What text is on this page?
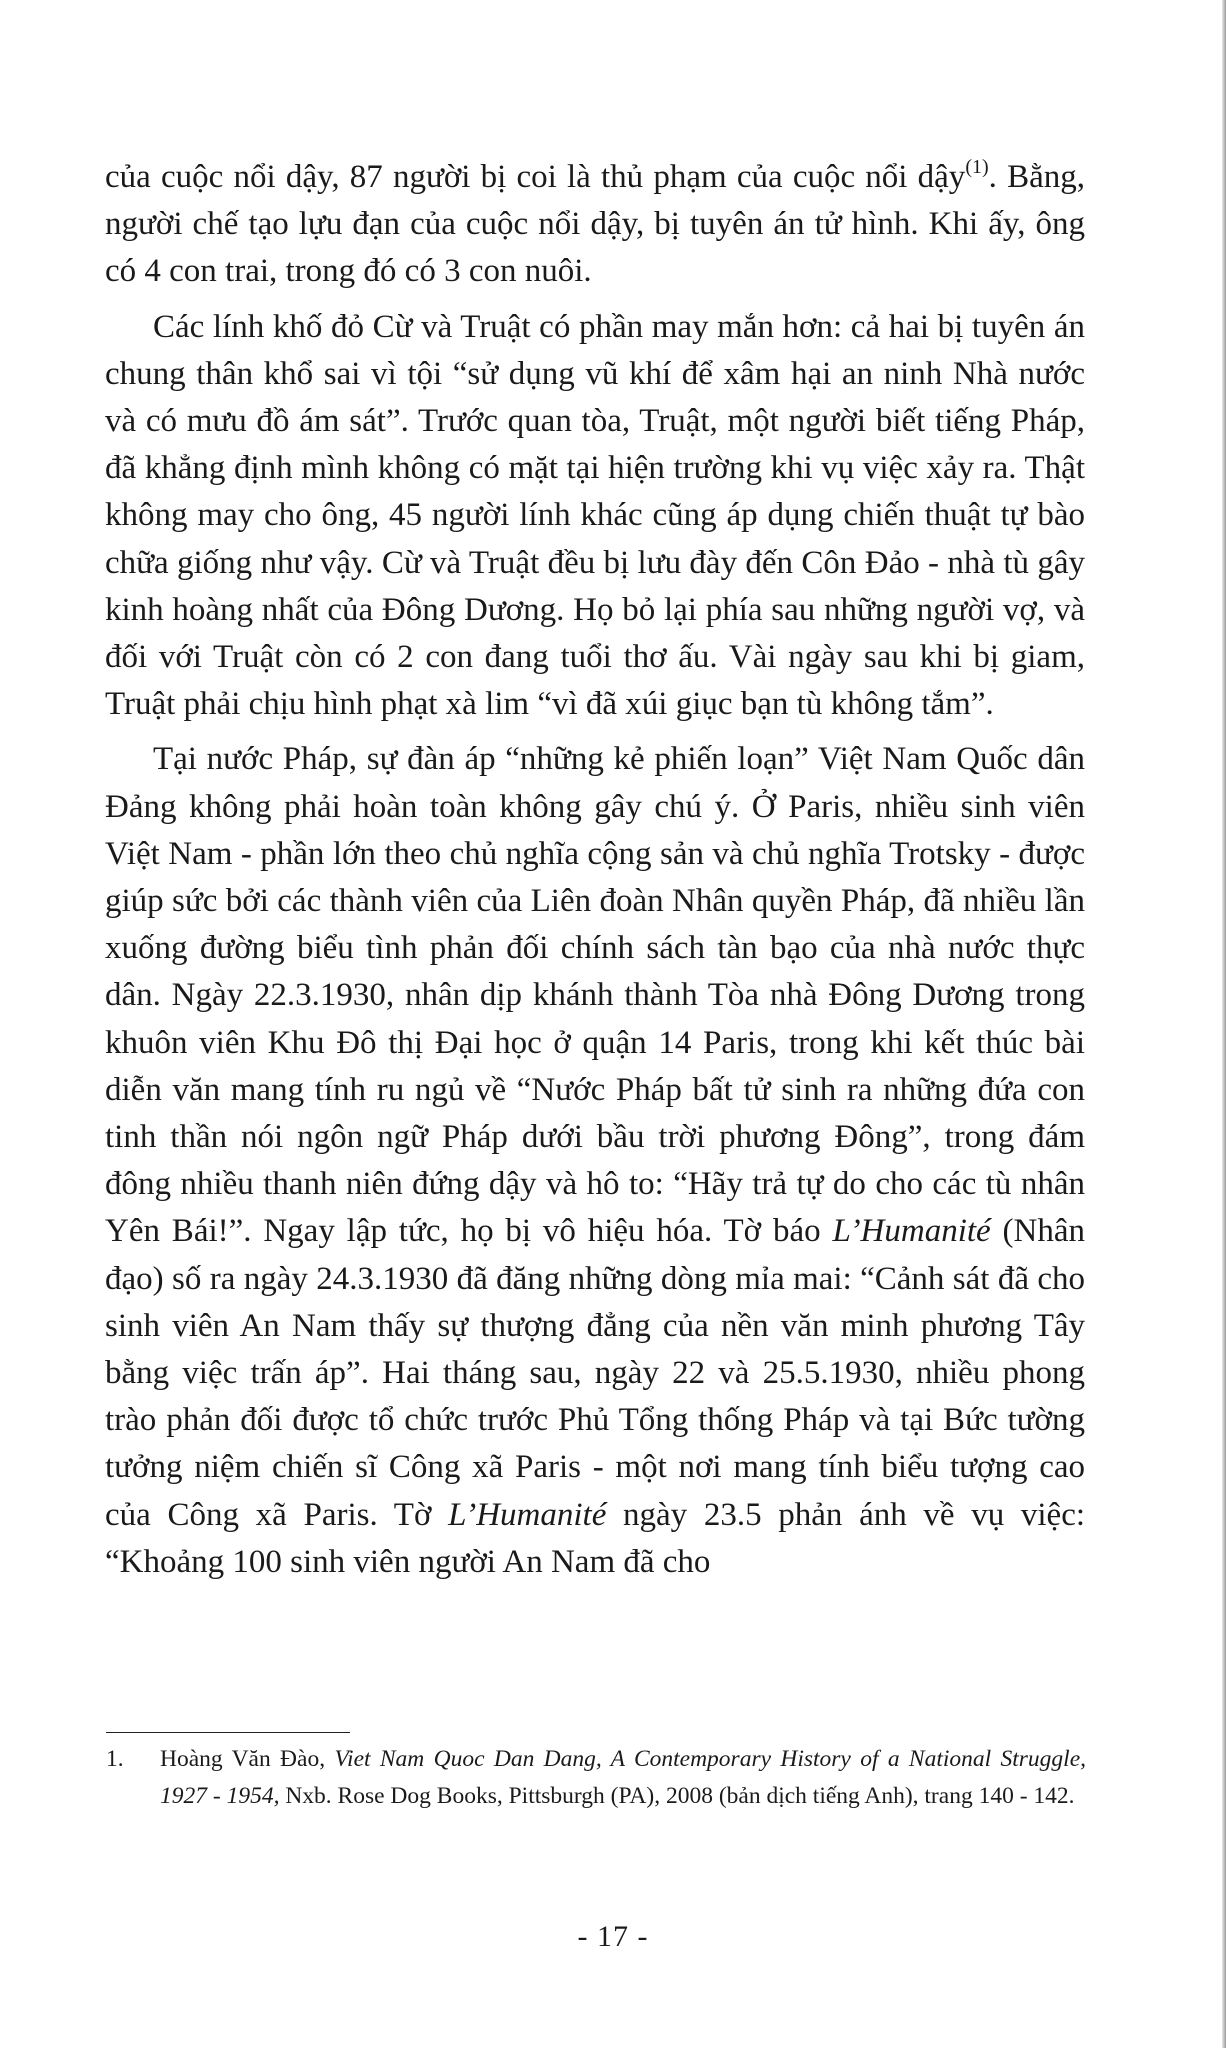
của cuộc nổi dậy, 87 người bị coi là thủ phạm của cuộc nổi dậy$^{(1)}$. Bằng, người chế tạo lựu đạn của cuộc nổi dậy, bị tuyên án tử hình. Khi ấy, ông có 4 con trai, trong đó có 3 con nuôi.

Các lính khố đỏ Cừ và Truật có phần may mắn hơn: cả hai bị tuyên án chung thân khổ sai vì tội “sử dụng vũ khí để xâm hại an ninh Nhà nước và có mưu đồ ám sát”. Trước quan tòa, Truật, một người biết tiếng Pháp, đã khẳng định mình không có mặt tại hiện trường khi vụ việc xảy ra. Thật không may cho ông, 45 người lính khác cũng áp dụng chiến thuật tự bào chữa giống như vậy. Cừ và Truật đều bị lưu đày đến Côn Đảo - nhà tù gây kinh hoàng nhất của Đông Dương. Họ bỏ lại phía sau những người vợ, và đối với Truật còn có 2 con đang tuổi thơ ấu. Vài ngày sau khi bị giam, Truật phải chịu hình phạt xà lim “vì đã xúi giục bạn tù không tắm”.

Tại nước Pháp, sự đàn áp “những kẻ phiến loạn” Việt Nam Quốc dân Đảng không phải hoàn toàn không gây chú ý. Ở Paris, nhiều sinh viên Việt Nam - phần lớn theo chủ nghĩa cộng sản và chủ nghĩa Trotsky - được giúp sức bởi các thành viên của Liên đoàn Nhân quyền Pháp, đã nhiều lần xuống đường biểu tình phản đối chính sách tàn bạo của nhà nước thực dân. Ngày 22.3.1930, nhân dịp khánh thành Tòa nhà Đông Dương trong khuôn viên Khu Đô thị Đại học ở quận 14 Paris, trong khi kết thúc bài diễn văn mang tính ru ngủ về “Nước Pháp bất tử sinh ra những đứa con tinh thần nói ngôn ngữ Pháp dưới bầu trời phương Đông”, trong đám đông nhiều thanh niên đứng dậy và hô to: “Hãy trả tự do cho các tù nhân Yên Bái!”. Ngay lập tức, họ bị vô hiệu hóa. Tờ báo L’Humanité (Nhân đạo) số ra ngày 24.3.1930 đã đăng những dòng mỉa mai: “Cảnh sát đã cho sinh viên An Nam thấy sự thượng đẳng của nền văn minh phương Tây bằng việc trấn áp”. Hai tháng sau, ngày 22 và 25.5.1930, nhiều phong trào phản đối được tổ chức trước Phủ Tổng thống Pháp và tại Bức tường tưởng niệm chiến sĩ Công xã Paris - một nơi mang tính biểu tượng cao của Công xã Paris. Tờ L’Humanité ngày 23.5 phản ánh về vụ việc: “Khoảng 100 sinh viên người An Nam đã cho

1.	Hoàng Văn Đào, Viet Nam Quoc Dan Dang, A Contemporary History of a National Struggle, 1927 - 1954, Nxb. Rose Dog Books, Pittsburgh (PA), 2008 (bản dịch tiếng Anh), trang 140 - 142.
- 17 -
